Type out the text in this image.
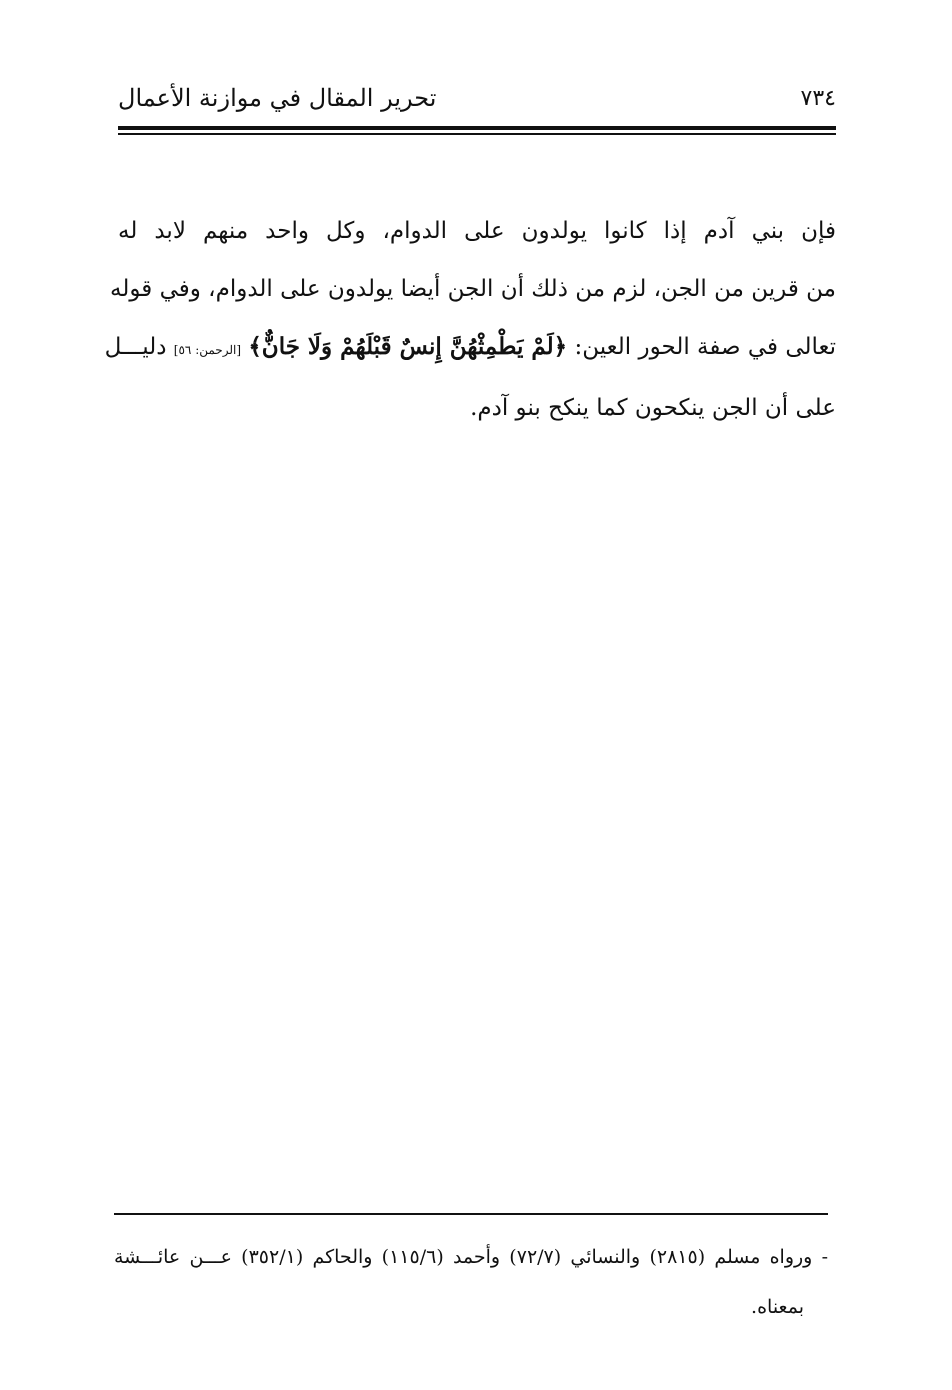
تحرير المقال في موازنة الأعمال	٧٣٤
فإن بني آدم إذا كانوا يولدون على الدوام، وكل واحد منهم لابد له
من قرين من الجن، لزم من ذلك أن الجن أيضا يولدون على الدوام، وفي قوله
تعالى في صفة الحور العين: ﴿لَمْ يَطْمِثْهُنَّ إِنسٌ قَبْلَهُمْ وَلَا جَانٌّ﴾ [الرحمن: ٥٦] دليـــل
على أن الجن ينكحون كما ينكح بنو آدم.
- ورواه مسلم (٢٨١٥) والنسائي (٧٢/٧) وأحمد (١١٥/٦) والحاكم (٣٥٢/١) عـــن عائـــشة
بمعناه.
